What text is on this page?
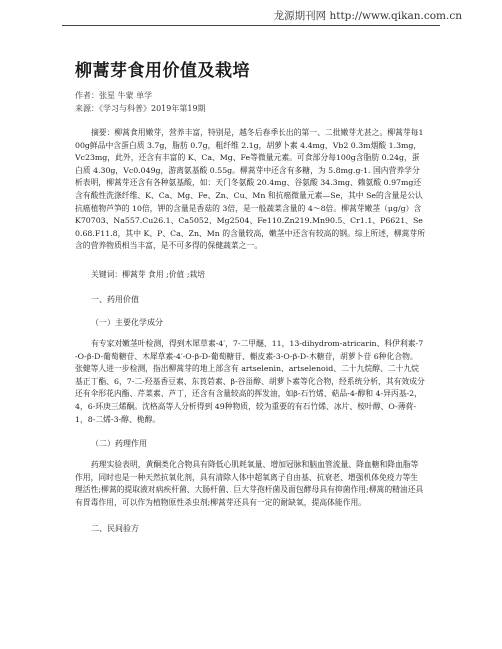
龙源期刊网 http://www.qikan.com.cn
柳蒿芽食用价值及栽培
作者：张星 牛蒙 单学
来源：《学习与科普》2019年第19期

摘要：柳蒿食用嫩芽，营养丰富，特别是，越冬后春季长出的第一、二批嫩芽尤甚之。柳蒿芽每100g鲜品中含蛋白质 3.7g，脂肪 0.7g，粗纤维 2.1g，胡萝卜素 4.4mg，Vb2 0.3m烟酸 1.3mg，Vc23mg，此外，还含有丰富的 K、Ca、Mg、Fe等微量元素。可食部分每100g含脂肪 0.24g，蛋白质 4.30g，Vc0.049g，游离氨基酸 0.55g。柳蒿芽中还含有多糖，为 5.8mg.g-1. 国内营养学分析表明，柳蒿芽还含有各种氨基酸，如：天门冬氨酸 20.4mg、谷氨酸 34.3mg、赖氨酸 0.97mg还含有酸性洗涤纤维、K、Ca、Mg、Fe、Zn、Cu、Mn 和抗癌微量元素—Se，其中 Se的含量是公认抗癌植物芦笋的 10倍，钾的含量是香菇的 3倍，是一般蔬菜含量的 4～8倍。柳蒿芽嫩茎（μg/g）含 K70703、Na557.Cu26.1、Ca5052、Mg2504、Fe110.Zn219.Mn90.5、Cr1.1、P6621、Se0.68.F11.8，其中 K、P、Ca、Zn、Mn 的含量较高，嫩茎中还含有较高的钢。综上所述，柳蒿芽所含的营养物质相当丰富，是不可多得的保健蔬菜之一。

关键词：柳蒿芽 食用 ;价值 ;栽培
一、药用价值
（一）主要化学成分

有专家对嫩茎叶检测，得到木犀草素-4′，7-二甲醚、11，13-dihydrom-atricarin、科伊利素-7-O-β-D-葡萄糖苷、木犀草素-4′-O-β-D-葡萄糖苷、槲皮素-3-O-β-D-木糖苷，胡萝卜苷 6种化合物。张健等人进一步检测，指出柳蒿芽的地上部含有 artselenin、artselenoid、二十九烷醇、二十九烷基正丁酯、6，7-二-羟基香豆素、东莨菪素、β-谷甾醇、胡萝卜素等化合物，经系统分析，其有效成分还有伞形花内酯、芹菜素、芦丁，还含有含量较高的挥发油，如β-石竹烯、萜品-4-醇和 4-异丙基-2，4，6-环庚三烯酮。沈格高等人分析得到 49种物质，较为重要的有石竹烯、冰片、桉叶醇、O-薄荷-1，8-二烯-3-醇、桅醇。

（二）药理作用

药理实验表明，黄酮类化合物具有降低心肌耗氧量、增加冠脉和脑血管流量、降血糖和降血脂等作用，同时也是一种天然抗氧化剂，具有清除人体中超氧离子自由基、抗衰老、增强机体免疫力等生理活性;柳蒿的提取液对病疾杆菌、大肠杆菌、巨大芽孢杆菌及面包酵母具有抑菌作用;柳蒿的精油还具有胃毒作用，可以作为植物原性杀虫剂;柳蒿芽还具有一定的耐缺氧，提高体能作用。

二、民间验方
